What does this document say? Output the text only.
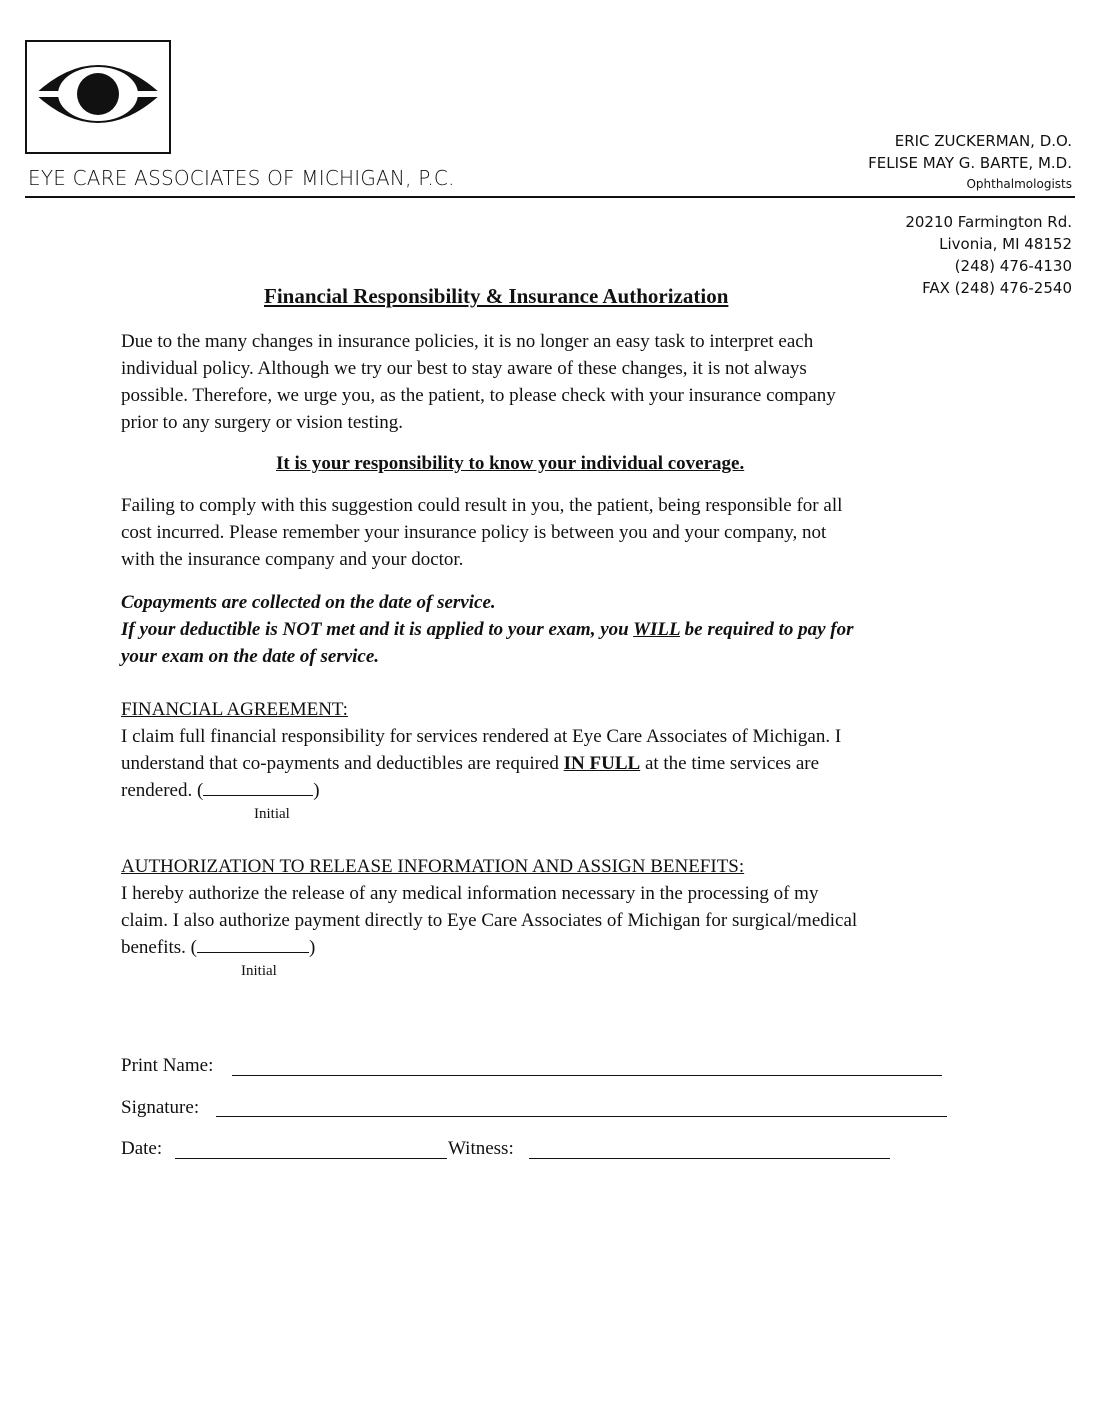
EYE CARE ASSOCIATES OF MICHIGAN, P.C.
ERIC ZUCKERMAN, D.O.
FELISE MAY G. BARTE, M.D.
Ophthalmologists
20210 Farmington Rd.
Livonia, MI 48152
(248) 476-4130
FAX (248) 476-2540
Financial Responsibility & Insurance Authorization
Due to the many changes in insurance policies, it is no longer an easy task to interpret each
individual policy. Although we try our best to stay aware of these changes, it is not always
possible. Therefore, we urge you, as the patient, to please check with your insurance company
prior to any surgery or vision testing.
It is your responsibility to know your individual coverage.
Failing to comply with this suggestion could result in you, the patient, being responsible for all
cost incurred. Please remember your insurance policy is between you and your company, not
with the insurance company and your doctor.
Copayments are collected on the date of service.
If your deductible is NOT met and it is applied to your exam, you WILL be required to pay for
your exam on the date of service.
FINANCIAL AGREEMENT:
I claim full financial responsibility for services rendered at Eye Care Associates of Michigan. I
understand that co-payments and deductibles are required IN FULL at the time services are
rendered. (	)
Initial
AUTHORIZATION TO RELEASE INFORMATION AND ASSIGN BENEFITS:
I hereby authorize the release of any medical information necessary in the processing of my
claim. I also authorize payment directly to Eye Care Associates of Michigan for surgical/medical
benefits. (	)
Initial
Print Name:
Signature:
Date:	Witness:
